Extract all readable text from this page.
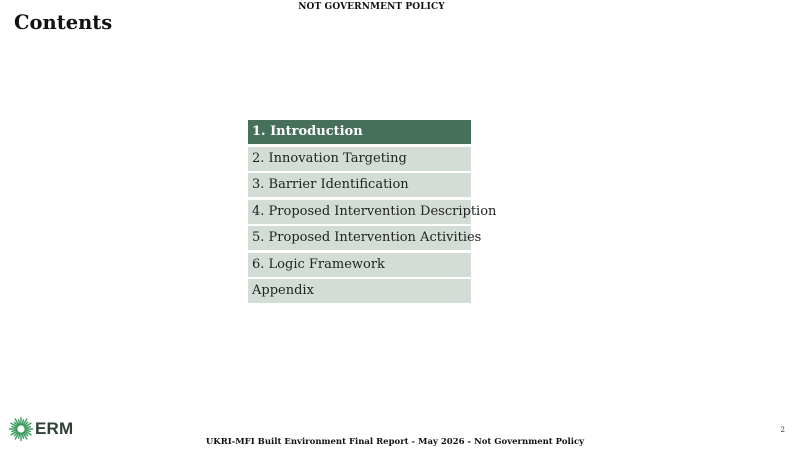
NOT GOVERNMENT POLICY
Contents
1. Introduction
2. Innovation Targeting
3. Barrier Identification
4. Proposed Intervention Description
5. Proposed Intervention Activities
6. Logic Framework
Appendix
ERM	2
UKRI-MFI Built Environment Final Report - May 2026 - Not Government Policy
